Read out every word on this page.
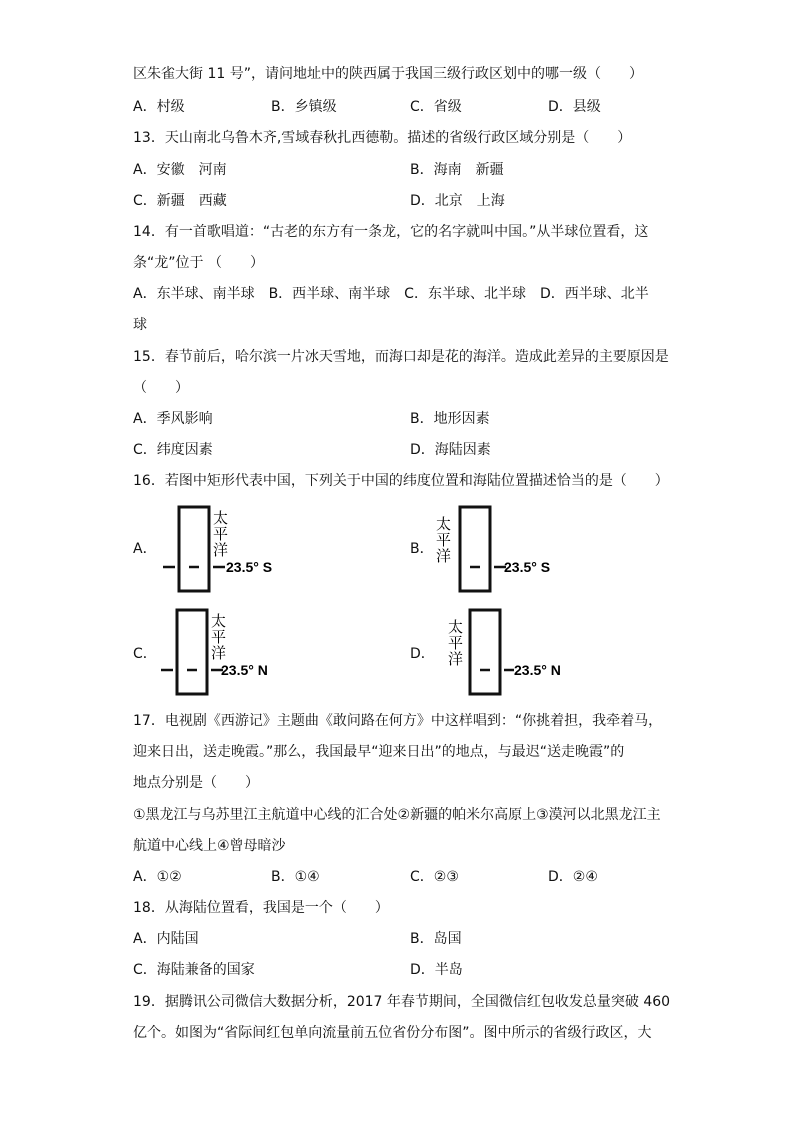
区朱雀大街 11 号”，请问地址中的陕西属于我国三级行政区划中的哪一级（　　）
A．村级	B．乡镇级	C．省级	D．县级
13．天山南北乌鲁木齐,雪域春秋扎西德勒。描述的省级行政区域分别是（　　）
A．安徽　河南	B．海南　新疆
C．新疆　西藏	D．北京　上海
14．有一首歌唱道：“古老的东方有一条龙，它的名字就叫中国。”从半球位置看，这
条“龙”位于 （　　）
A．东半球、南半球　B．西半球、南半球　C．东半球、北半球　D．西半球、北半
球
15．春节前后，哈尔滨一片冰天雪地，而海口却是花的海洋。造成此差异的主要原因是
（　　）
A．季风影响	B．地形因素
C．纬度因素	D．海陆因素
16．若图中矩形代表中国，下列关于中国的纬度位置和海陆位置描述恰当的是（　　）
A．
太
平
洋
23.5° S
B．
太
平
洋
23.5° S
C．
太
平
洋
23.5° N
D．
太
平
洋
23.5° N
17．电视剧《西游记》主题曲《敢问路在何方》中这样唱到：“你挑着担，我牵着马，
迎来日出，送走晚霞。”那么，我国最早“迎来日出”的地点，与最迟“送走晚霞”的
地点分别是（　　）
①黑龙江与乌苏里江主航道中心线的汇合处②新疆的帕米尔高原上③漠河以北黑龙江主
航道中心线上④曾母暗沙
A．①②	B．①④	C．②③	D．②④
18．从海陆位置看，我国是一个（　　）
A．内陆国	B．岛国
C．海陆兼备的国家	D．半岛
19．据腾讯公司微信大数据分析，2017 年春节期间，全国微信红包收发总量突破 460
亿个。如图为“省际间红包单向流量前五位省份分布图”。图中所示的省级行政区，大
